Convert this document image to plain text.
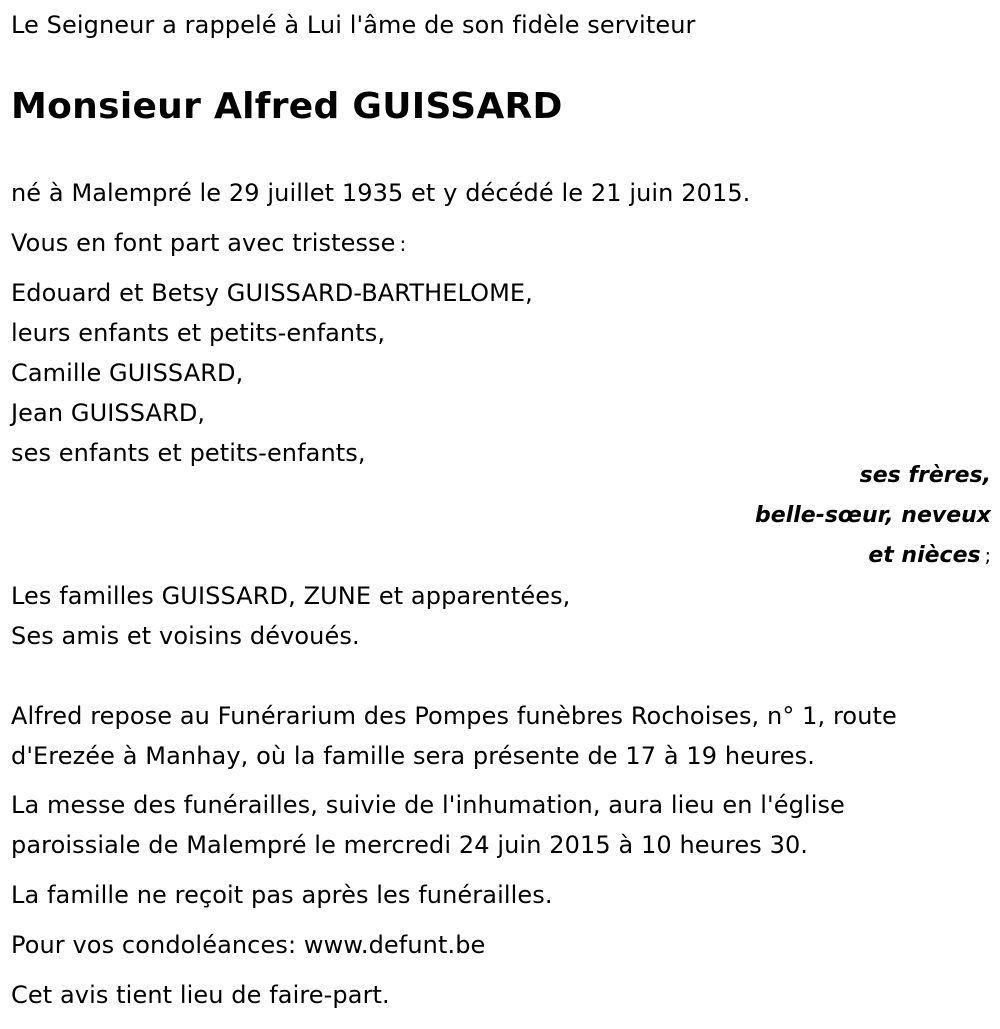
Le Seigneur a rappelé à Lui l'âme de son fidèle serviteur
Monsieur Alfred GUISSARD
né à Malempré le 29 juillet 1935 et y décédé le 21 juin 2015.
Vous en font part avec tristesse :
Edouard et Betsy GUISSARD-BARTHELOME,
leurs enfants et petits-enfants,
Camille GUISSARD,
Jean GUISSARD,
ses enfants et petits-enfants,
ses frères,
belle-sœur, neveux
et nièces ;
Les familles GUISSARD, ZUNE et apparentées,
Ses amis et voisins dévoués.
Alfred repose au Funérarium des Pompes funèbres Rochoises, n° 1, route
d'Erezée à Manhay, où la famille sera présente de 17 à 19 heures.
La messe des funérailles, suivie de l'inhumation, aura lieu en l'église
paroissiale de Malempré le mercredi 24 juin 2015 à 10 heures 30.
La famille ne reçoit pas après les funérailles.
Pour vos condoléances: www.defunt.be
Cet avis tient lieu de faire-part.
